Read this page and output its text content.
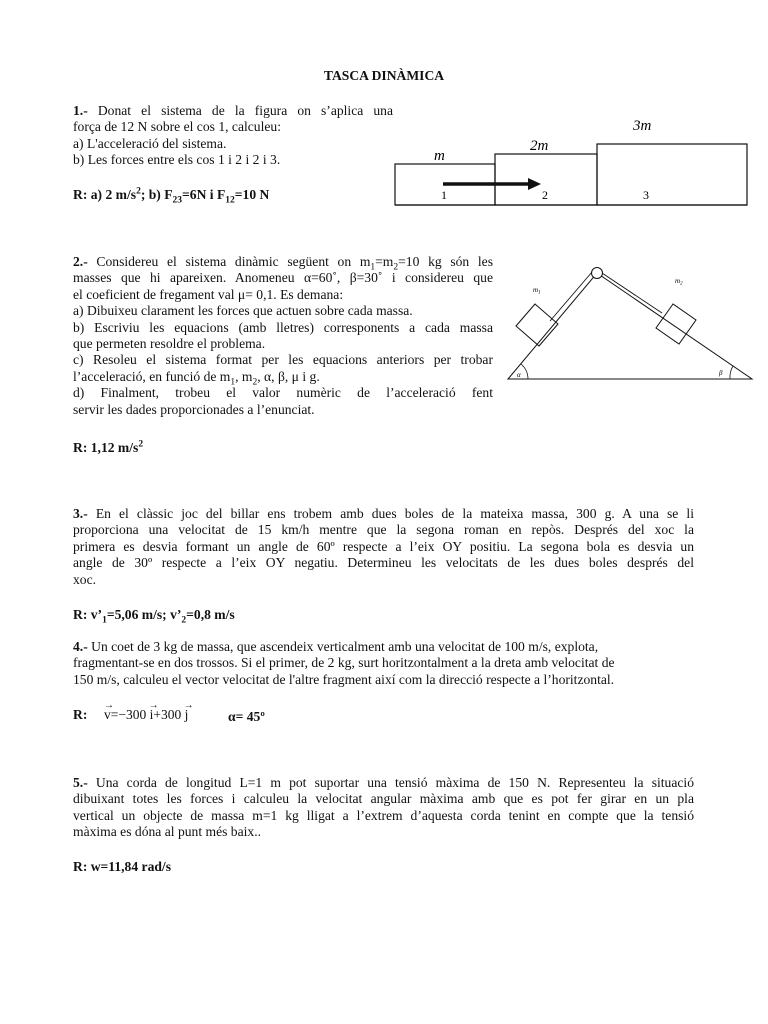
TASCA DINÀMICA

1.- Donat el sistema de la figura on s’aplica una

força de 12 N sobre el cos 1, calculeu:

a) L'acceleració del sistema.

b) Les forces entre els cos 1 i 2 i 2 i 3.

R: a) 2 $m/s^2$; b) $F_{23}=6N$ i $F_{12}=10$ N
m
2m
3m
1	2	3

2.- Considereu el sistema dinàmic següent on $m_1=m_2=10$ kg són les

masses que hi apareixen. Anomeneu α=60˚, β=30˚ i considereu que

el coeficient de fregament val μ= 0,1. Es demana:

a) Dibuixeu clarament les forces que actuen sobre cada massa.

b) Escriviu les equacions (amb lletres) corresponents a cada massa

que permeten resoldre el problema.

c) Resoleu el sistema format per les equacions anteriors per trobar

l’acceleració, en funció de $m_1$, $m_2$, α, β, μ i g.

d) Finalment, trobeu el valor numèric de l’acceleració fent

servir les dades proporcionades a l’enunciat.

R: 1,12 $m/s^2$
$m_1$
$m_2$
α	β

3.- En el clàssic joc del billar ens trobem amb dues boles de la mateixa massa, 300 g. A una se li

proporciona una velocitat de 15 km/h mentre que la segona roman en repòs. Després del xoc la

primera es desvia formant un angle de 60º respecte a l’eix OY positiu. La segona bola es desvia un

angle de 30º respecte a l’eix OY negatiu. Determineu les velocitats de les dues boles després del

xoc.

R: $v’_1=5,06$ m/s; $v’_2=0,8$ m/s

4.- Un coet de 3 kg de massa, que ascendeix verticalment amb una velocitat de 100 m/s, explota,

fragmentant-se en dos trossos. Si el primer, de 2 kg, surt horitzontalment a la dreta amb velocitat de

150 m/s, calculeu el vector velocitat de l'altre fragment així com la direcció respecte a l’horitzontal.

R:
→
v=−300
→
i+300
→
j	α= 45º

5.- Una corda de longitud L=1 m pot suportar una tensió màxima de 150 N. Representeu la situació

dibuixant totes les forces i calculeu la velocitat angular màxima amb que es pot fer girar en un pla

vertical un objecte de massa m=1 kg lligat a l’extrem d’aquesta corda tenint en compte que la tensió

màxima es dóna al punt més baix..

R: w=11,84 rad/s
